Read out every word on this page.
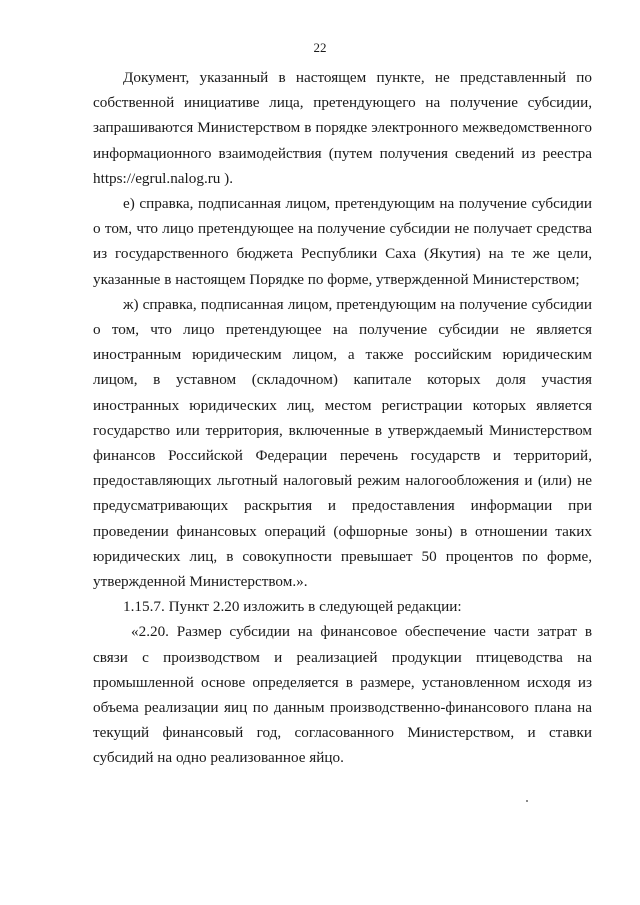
22

Документ, указанный в настоящем пункте, не представленный по собственной инициативе лица, претендующего на получение субсидии, запрашиваются Министерством в порядке электронного межведомственного информационного взаимодействия (путем получения сведений из реестра https://egrul.nalog.ru ).

е) справка, подписанная лицом, претендующим на получение субсидии о том, что лицо претендующее на получение субсидии не получает средства из государственного бюджета Республики Саха (Якутия) на те же цели, указанные в настоящем Порядке по форме, утвержденной Министерством;

ж) справка, подписанная лицом, претендующим на получение субсидии о том, что лицо претендующее на получение субсидии не является иностранным юридическим лицом, а также российским юридическим лицом, в уставном (складочном) капитале которых доля участия иностранных юридических лиц, местом регистрации которых является государство или территория, включенные в утверждаемый Министерством финансов Российской Федерации перечень государств и территорий, предоставляющих льготный налоговый режим налогообложения и (или) не предусматривающих раскрытия и предоставления информации при проведении финансовых операций (офшорные зоны) в отношении таких юридических лиц, в совокупности превышает 50 процентов по форме, утвержденной Министерством.».

1.15.7. Пункт 2.20 изложить в следующей редакции:

«2.20. Размер субсидии на финансовое обеспечение части затрат в связи с производством и реализацией продукции птицеводства на промышленной основе определяется в размере, установленном исходя из объема реализации яиц по данным производственно-финансового плана на текущий финансовый год, согласованного Министерством, и ставки субсидий на одно реализованное яйцо.
